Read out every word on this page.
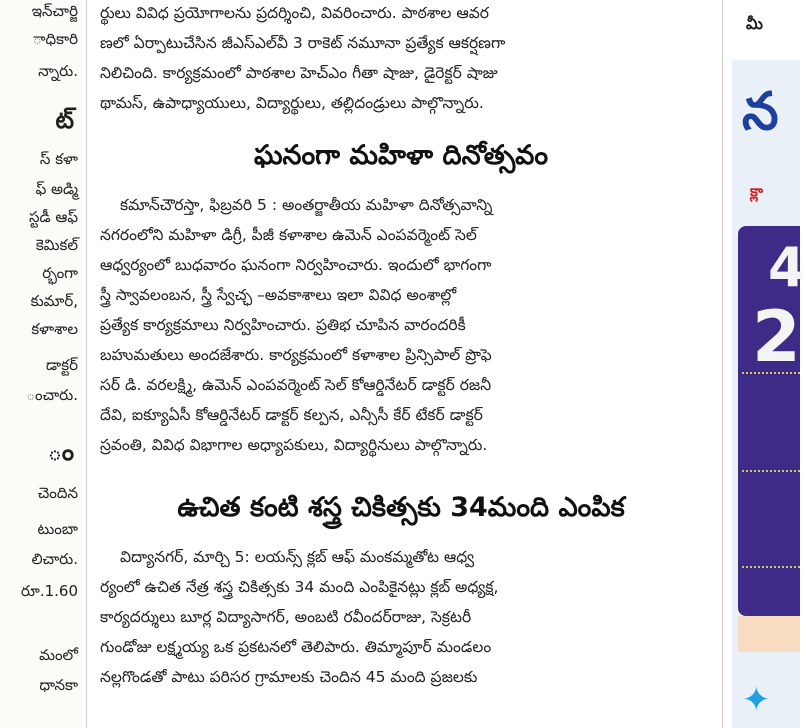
ఇన్‌చార్జి
ాధికారి
న్నారు.
ట్
స్ కళా
ఫ్ అడ్మి
స్టడీ ఆఫ్
కెమికల్
ర్భంగా
కుమార్,
కళాశాల
డాక్టర్
ంచారు.
ం
చెందిన
టుంబా
లిచారు.
రూ.1.60
మంలో
ధానకా
ర్థులు వివిధ ప్రయోగాలను ప్రదర్శించి, వివరించారు. పాఠశాల ఆవర
ణలో ఏర్పాటుచేసిన జీఎస్‌ఎల్‌వీ 3 రాకెట్ నమూనా ప్రత్యేక ఆకర్షణగా
నిలిచింది. కార్యక్రమంలో పాఠశాల హెచ్ఎం గీతా షాజు, డైరెక్టర్ షాజు
థామస్, ఉపాధ్యాయులు, విద్యార్థులు, తల్లిదండ్రులు పాల్గొన్నారు.
ఘనంగా మహిళా దినోత్సవం
కమాన్‌చౌరస్తా, ఫిబ్రవరి 5 : అంతర్జాతీయ మహిళా దినోత్సవాన్ని
నగరంలోని మహిళా డిగ్రీ, పీజీ కళాశాల ఉమెన్ ఎంపవర్మెంట్ సెల్
ఆధ్వర్యంలో బుధవారం ఘనంగా నిర్వహించారు. ఇందులో భాగంగా
స్త్రీ స్వావలంబన, స్త్రీ స్వేచ్ఛ –అవకాశాలు ఇలా వివిధ అంశాల్లో
ప్రత్యేక కార్యక్రమాలు నిర్వహించారు. ప్రతిభ చూపిన వారందరికీ
బహుమతులు అందజేశారు. కార్యక్రమంలో కళాశాల ప్రిన్సిపాల్ ప్రొఫె
సర్ డి. వరలక్ష్మి, ఉమెన్ ఎంపవర్మెంట్ సెల్ కోఆర్డినేటర్ డాక్టర్ రజనీ
దేవి, ఐక్యూఏసీ కోఆర్డినేటర్ డాక్టర్ కల్పన, ఎన్సీసీ కేర్ టేకర్ డాక్టర్
స్రవంతి, వివిధ విభాగాల అధ్యాపకులు, విద్యార్థినులు పాల్గొన్నారు.
ఉచిత కంటి శస్త్ర చికిత్సకు 34మంది ఎంపిక
విద్యానగర్, మార్చి 5: లయన్స్ క్లబ్ ఆఫ్ మంకమ్మతోట ఆధ్వ
ర్యంలో ఉచిత నేత్ర శస్త్ర చికిత్సకు 34 మంది ఎంపికైనట్లు క్లబ్ అధ్యక్ష,
కార్యదర్శులు బూర్ల విద్యాసాగర్, అంబటి రవీందర్‌రాజు, సెక్రటరీ
గుండోజు లక్ష్మయ్య ఒక ప్రకటనలో తెలిపారు. తిమ్మాపూర్ మండలం
నల్లగొండతో పాటు పరిసర గ్రామాలకు చెందిన 45 మంది ప్రజలకు
మీ
న
క్లా
4
2
✦
